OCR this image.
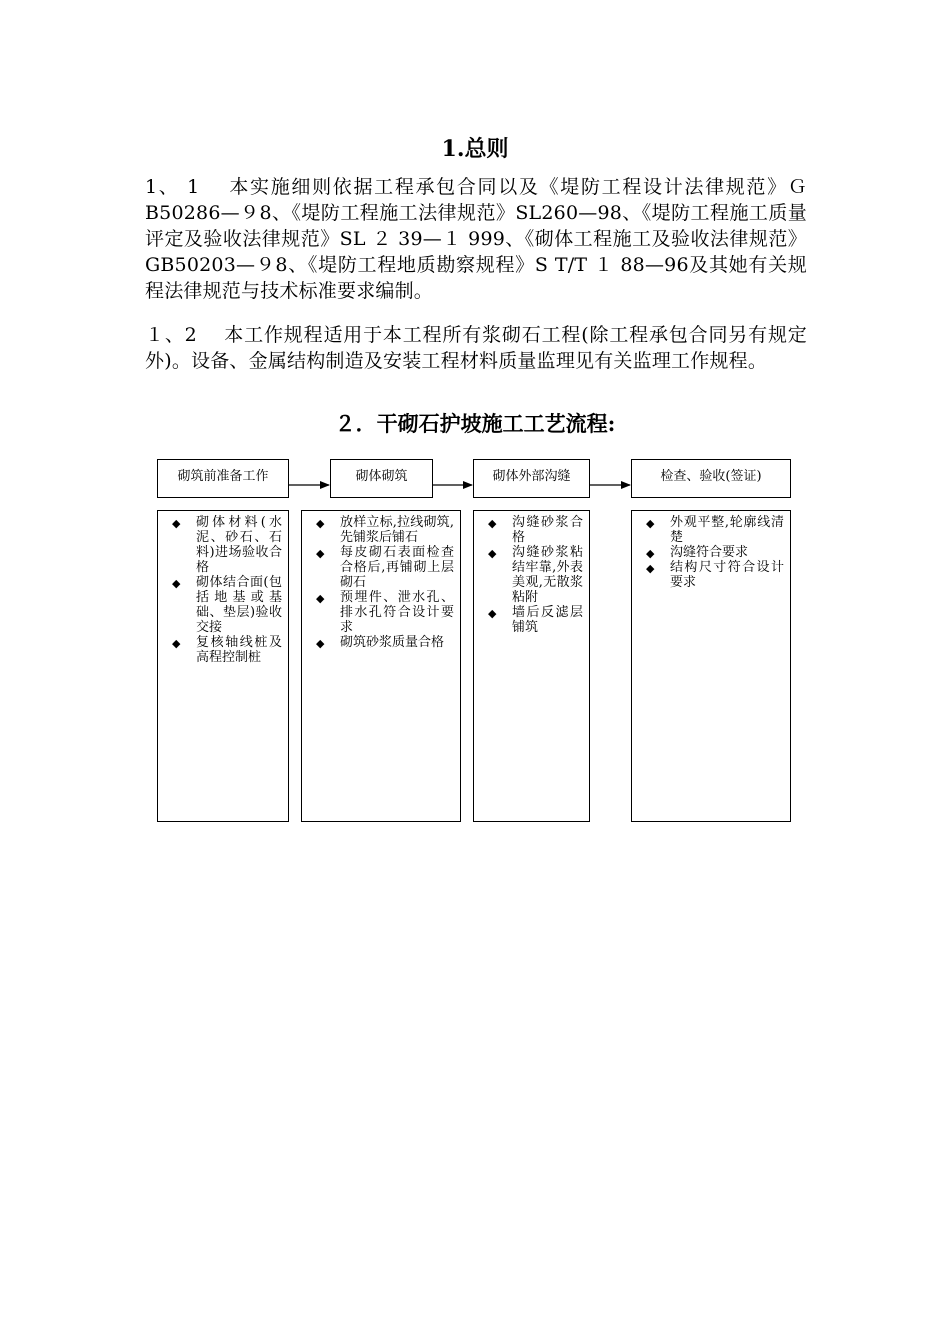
1.总则
1、 1　 本实施细则依据工程承包合同以及《堤防工程设计法律规范》ＧB50286—９8、《堤防工程施工法律规范》SL260—98、《堤防工程施工质量评定及验收法律规范》SL ２ 39—１ 999、《砌体工程施工及验收法律规范》GB50203—９8、《堤防工程地质勘察规程》S T/T １ 88—96及其她有关规程法律规范与技术标准要求编制。
１、2　 本工作规程适用于本工程所有浆砌石工程(除工程承包合同另有规定外)。设备、金属结构制造及安装工程材料质量监理见有关监理工作规程。
２．干砌石护坡施工工艺流程:
砌筑前准备工作	砌体砌筑	砌体外部沟缝	检查、验收(签证)
◆ 砌体材料(水泥、砂石、石料)进场验收合格
◆ 砌体结合面(包括地基或基础、垫层)验收交接
◆ 复核轴线桩及高程控制桩
◆ 放样立标,拉线砌筑,先铺浆后铺石
◆ 每皮砌石表面检查合格后,再铺砌上层砌石
◆ 预埋件、泄水孔、排水孔符合设计要求
◆ 砌筑砂浆质量合格
◆ 沟缝砂浆合格
◆ 沟缝砂浆粘结牢靠,外表美观,无散浆粘附
◆ 墙后反滤层铺筑
◆ 外观平整,轮廓线清楚
◆ 沟缝符合要求
◆ 结构尺寸符合设计要求
